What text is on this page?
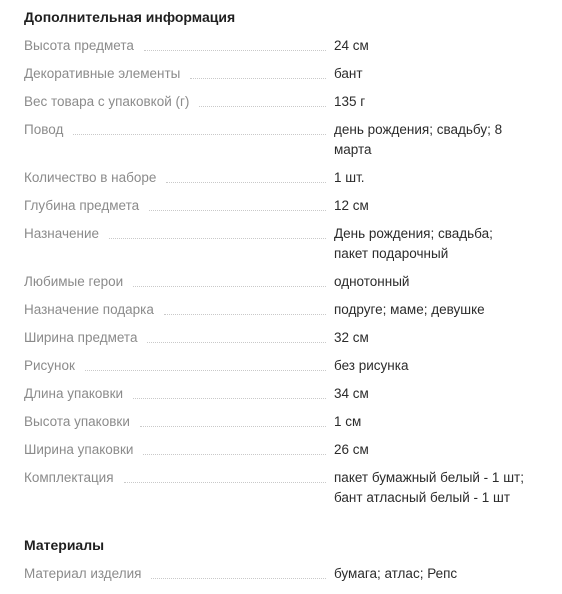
Дополнительная информация
Высота предмета	24 см
Декоративные элементы	бант
Вес товара с упаковкой (г)	135 г
Повод	день рождения; свадьбу; 8 марта
Количество в наборе	1 шт.
Глубина предмета	12 см
Назначение	День рождения; свадьба; пакет подарочный
Любимые герои	однотонный
Назначение подарка	подруге; маме; девушке
Ширина предмета	32 см
Рисунок	без рисунка
Длина упаковки	34 см
Высота упаковки	1 см
Ширина упаковки	26 см
Комплектация	пакет бумажный белый - 1 шт; бант атласный белый - 1 шт
Материалы
Материал изделия	бумага; атлас; Репс
